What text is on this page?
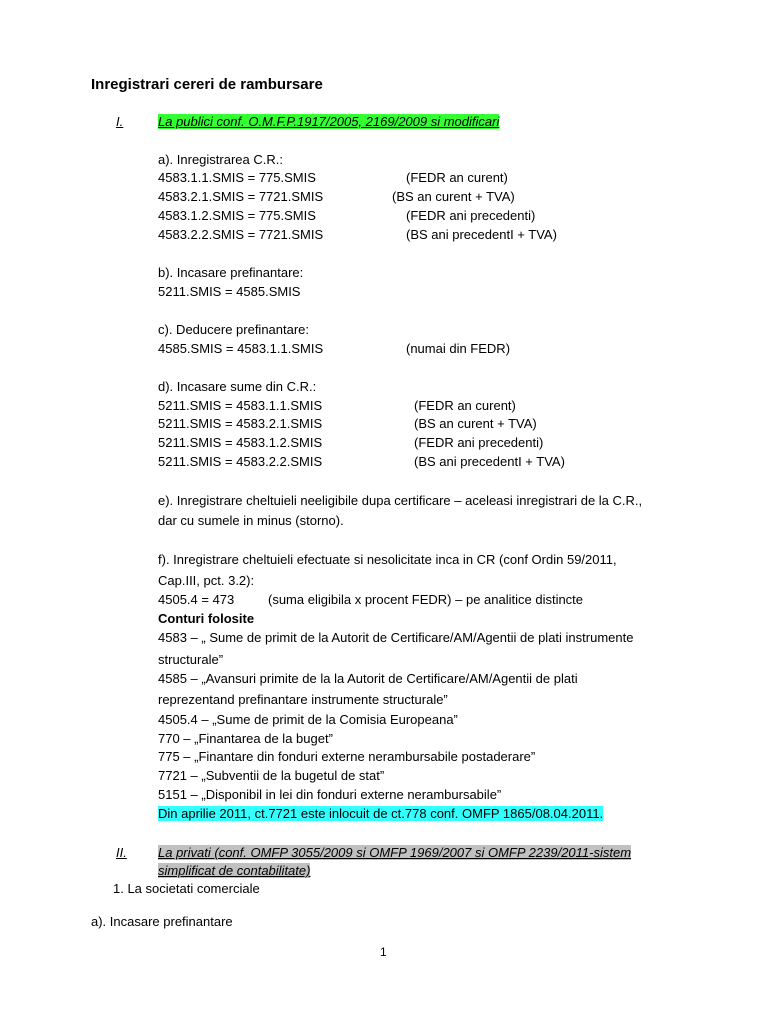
Inregistrari cereri de rambursare
I.	La publici conf. O.M.F.P.1917/2005, 2169/2009 si modificari
a). Inregistrarea C.R.:
4583.1.1.SMIS = 775.SMIS	(FEDR an curent)
4583.2.1.SMIS = 7721.SMIS	(BS an curent + TVA)
4583.1.2.SMIS = 775.SMIS	(FEDR ani precedenti)
4583.2.2.SMIS = 7721.SMIS	(BS ani precedentI + TVA)
b). Incasare prefinantare:
5211.SMIS = 4585.SMIS
c). Deducere prefinantare:
4585.SMIS = 4583.1.1.SMIS	(numai din FEDR)
d). Incasare sume din C.R.:
5211.SMIS = 4583.1.1.SMIS	(FEDR an curent)
5211.SMIS = 4583.2.1.SMIS	(BS an curent + TVA)
5211.SMIS = 4583.1.2.SMIS	(FEDR ani precedenti)
5211.SMIS = 4583.2.2.SMIS	(BS ani precedentI + TVA)
e). Inregistrare cheltuieli neeligibile dupa certificare – aceleasi inregistrari de la C.R.,
dar cu sumele in minus (storno).
f). Inregistrare cheltuieli efectuate si nesolicitate inca in CR (conf Ordin 59/2011,
Cap.III, pct. 3.2):
4505.4 = 473	(suma eligibila x procent FEDR) – pe analitice distincte
Conturi folosite
4583 – „ Sume de primit de la Autorit de Certificare/AM/Agentii de plati instrumente
structurale”
4585 – „Avansuri primite de la la Autorit de Certificare/AM/Agentii de plati
reprezentand prefinantare instrumente structurale”
4505.4 – „Sume de primit de la Comisia Europeana”
770 – „Finantarea de la buget”
775 – „Finantare din fonduri externe nerambursabile postaderare”
7721 – „Subventii de la bugetul de stat”
5151 – „Disponibil in lei din fonduri externe nerambursabile”
Din aprilie 2011, ct.7721 este inlocuit de ct.778 conf. OMFP 1865/08.04.2011.
II. La privati (conf. OMFP 3055/2009 si OMFP 1969/2007 si OMFP 2239/2011-sistem
simplificat de contabilitate)
1. La societati comerciale
a). Incasare prefinantare
1
